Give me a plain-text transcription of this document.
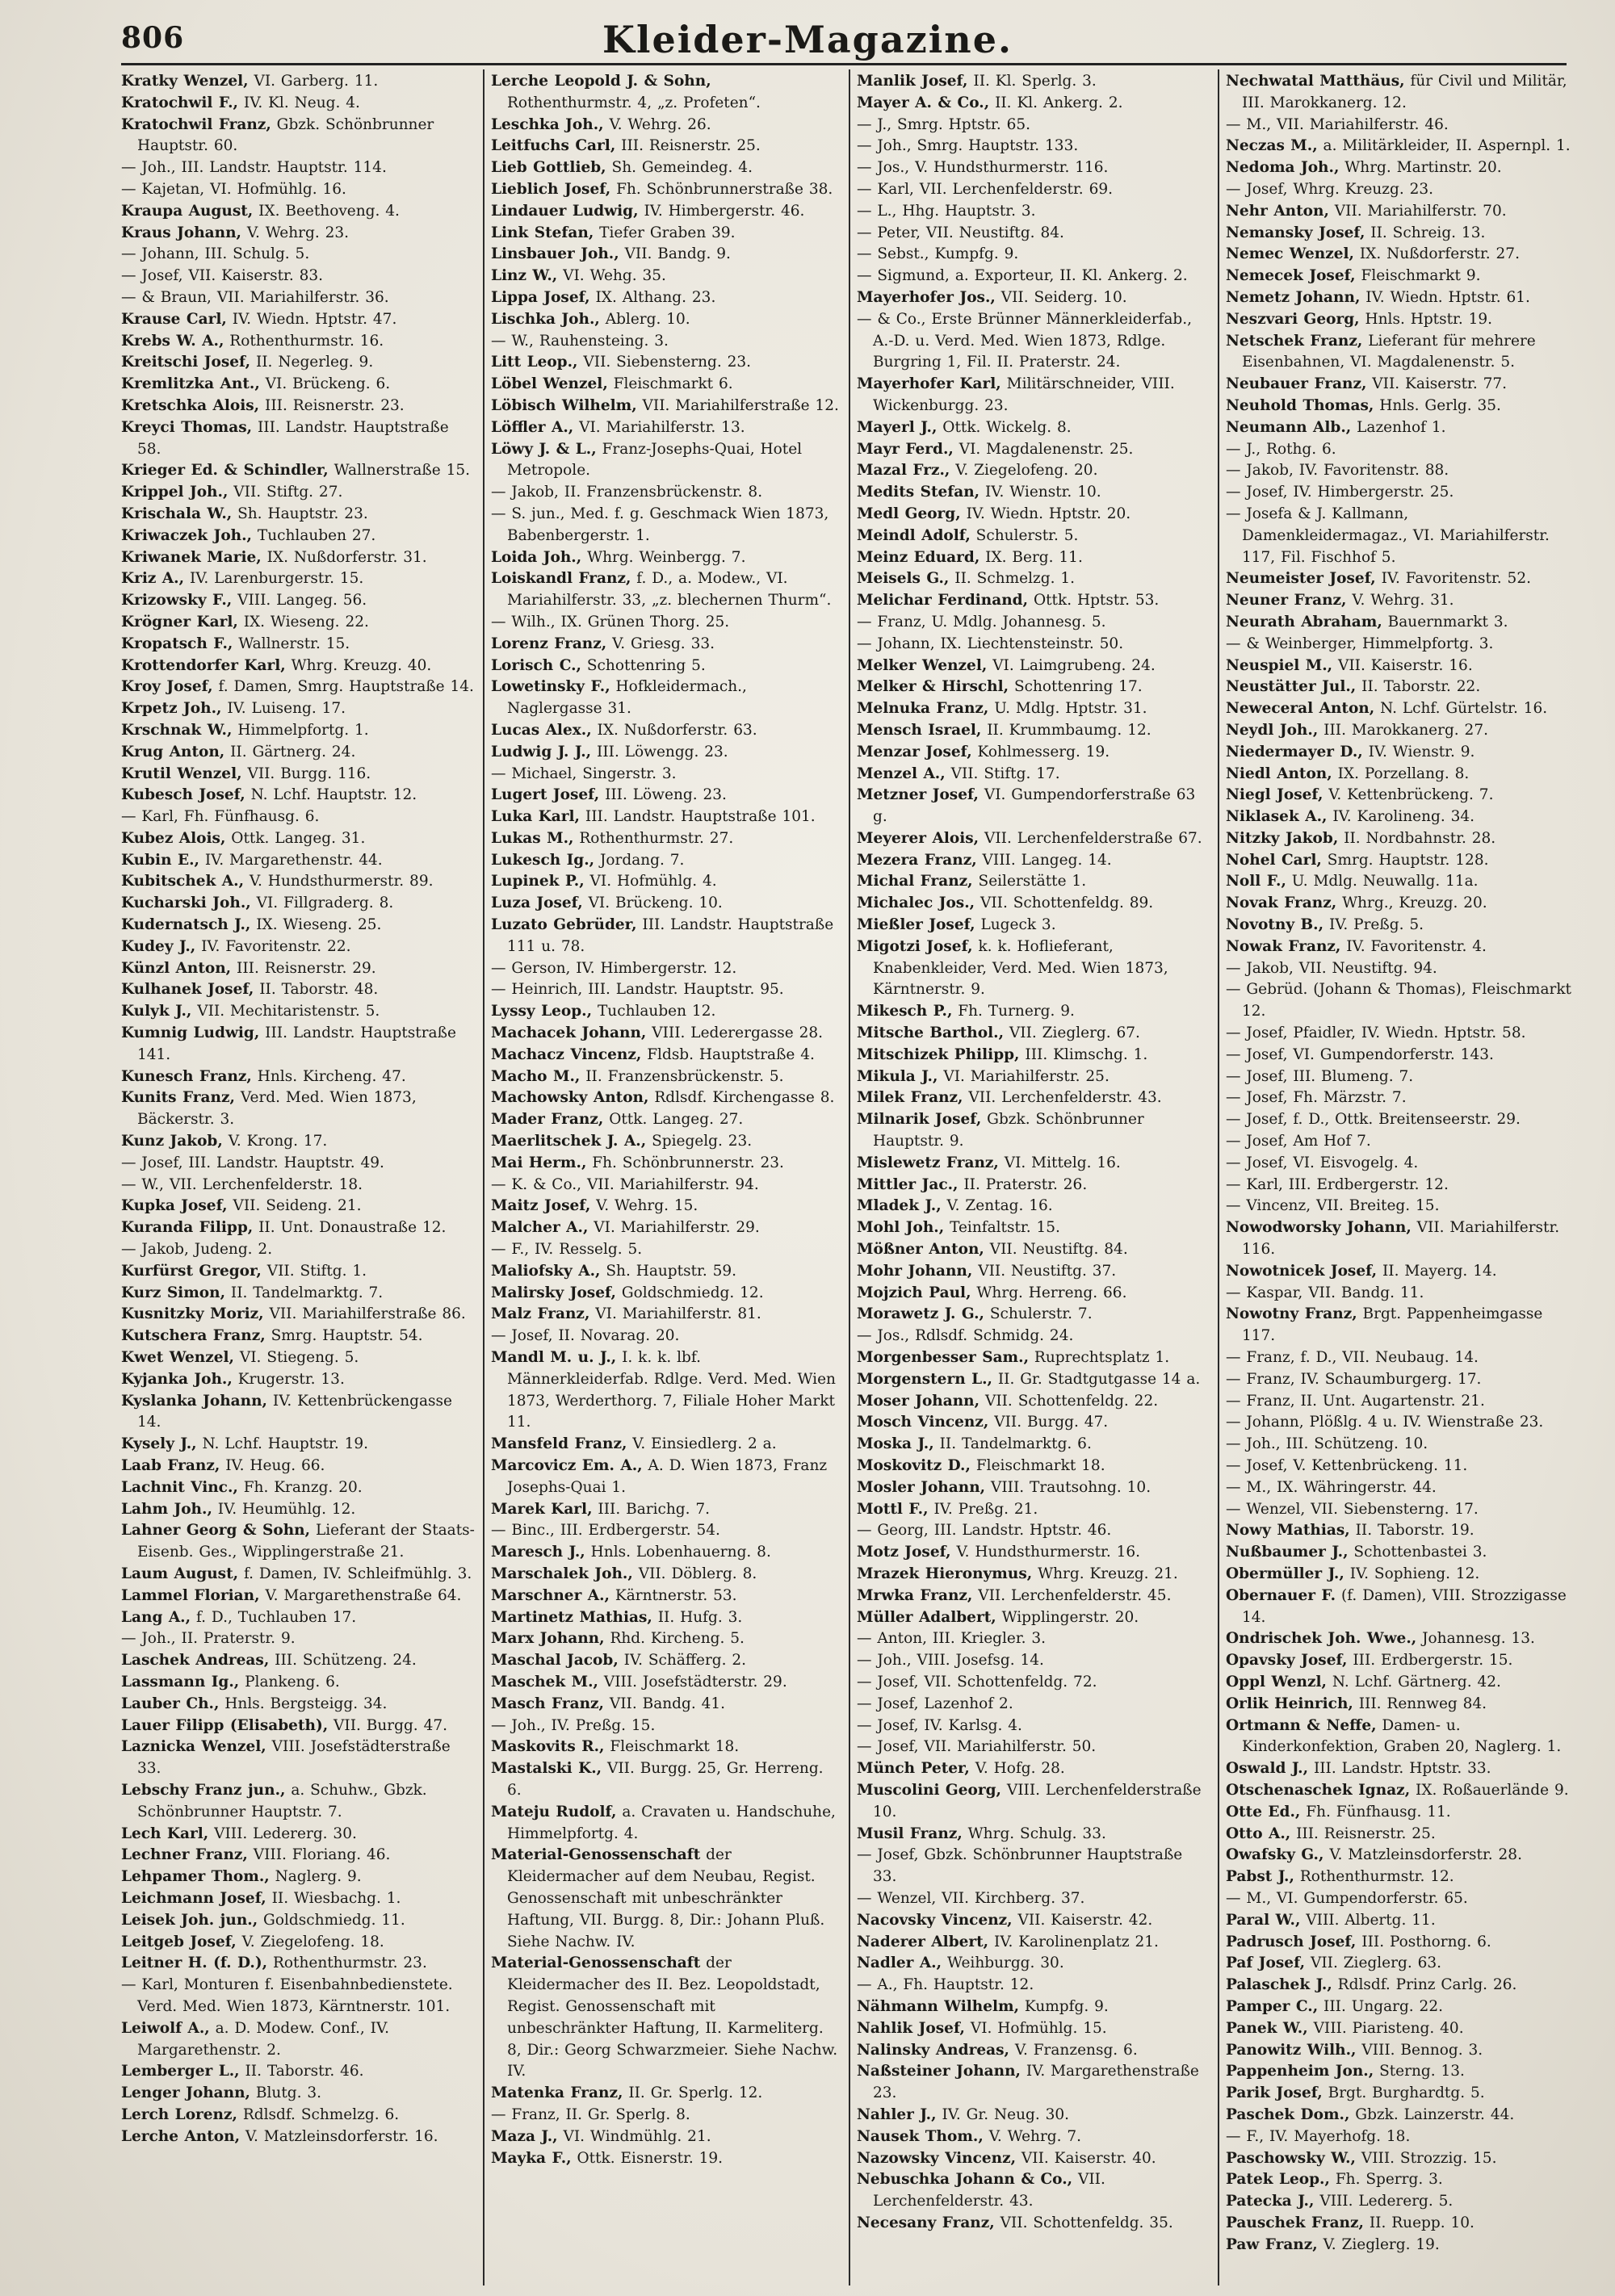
806	Kleider-Magazine.
Kratky Wenzel, VI. Garberg. 11.
Kratochwil F., IV. Kl. Neug. 4.
Kratochwil Franz, Gbzk. Schönbrunner Hauptstr. 60.
— Joh., III. Landstr. Hauptstr. 114.
— Kajetan, VI. Hofmühlg. 16.
Kraupa August, IX. Beethoveng. 4.
Kraus Johann, V. Wehrg. 23.
— Johann, III. Schulg. 5.
— Josef, VII. Kaiserstr. 83.
— & Braun, VII. Mariahilferstr. 36.
Krause Carl, IV. Wiedn. Hptstr. 47.
Krebs W. A., Rothenthurmstr. 16.
Kreitschi Josef, II. Negerleg. 9.
Kremlitzka Ant., VI. Brückeng. 6.
Kretschka Alois, III. Reisnerstr. 23.
Kreyci Thomas, III. Landstr. Hauptstraße 58.
Krieger Ed. & Schindler, Wallnerstraße 15.
Krippel Joh., VII. Stiftg. 27.
Krischala W., Sh. Hauptstr. 23.
Kriwaczek Joh., Tuchlauben 27.
Kriwanek Marie, IX. Nußdorferstr. 31.
Kriz A., IV. Larenburgerstr. 15.
Krizowsky F., VIII. Langeg. 56.
Krögner Karl, IX. Wieseng. 22.
Kropatsch F., Wallnerstr. 15.
Krottendorfer Karl, Whrg. Kreuzg. 40.
Kroy Josef, f. Damen, Smrg. Hauptstraße 14.
Krpetz Joh., IV. Luiseng. 17.
Krschnak W., Himmelpfortg. 1.
Krug Anton, II. Gärtnerg. 24.
Krutil Wenzel, VII. Burgg. 116.
Kubesch Josef, N. Lchf. Hauptstr. 12.
— Karl, Fh. Fünfhausg. 6.
Kubez Alois, Ottk. Langeg. 31.
Kubin E., IV. Margarethenstr. 44.
Kubitschek A., V. Hundsthurmerstr. 89.
Kucharski Joh., VI. Fillgraderg. 8.
Kudernatsch J., IX. Wieseng. 25.
Kudey J., IV. Favoritenstr. 22.
Künzl Anton, III. Reisnerstr. 29.
Kulhanek Josef, II. Taborstr. 48.
Kulyk J., VII. Mechitaristenstr. 5.
Kumnig Ludwig, III. Landstr. Hauptstraße 141.
Kunesch Franz, Hnls. Kircheng. 47.
Kunits Franz, Verd. Med. Wien 1873, Bäckerstr. 3.
Kunz Jakob, V. Krong. 17.
— Josef, III. Landstr. Hauptstr. 49.
— W., VII. Lerchenfelderstr. 18.
Kupka Josef, VII. Seideng. 21.
Kuranda Filipp, II. Unt. Donaustraße 12.
— Jakob, Judeng. 2.
Kurfürst Gregor, VII. Stiftg. 1.
Kurz Simon, II. Tandelmarktg. 7.
Kusnitzky Moriz, VII. Mariahilferstraße 86.
Kutschera Franz, Smrg. Hauptstr. 54.
Kwet Wenzel, VI. Stiegeng. 5.
Kyjanka Joh., Krugerstr. 13.
Kyslanka Johann, IV. Kettenbrückengasse 14.
Kysely J., N. Lchf. Hauptstr. 19.
Laab Franz, IV. Heug. 66.
Lachnit Vinc., Fh. Kranzg. 20.
Lahm Joh., IV. Heumühlg. 12.
Lahner Georg & Sohn, Lieferant der Staats-Eisenb. Ges., Wipplingerstraße 21.
Laum August, f. Damen, IV. Schleifmühlg. 3.
Lammel Florian, V. Margarethenstraße 64.
Lang A., f. D., Tuchlauben 17.
— Joh., II. Praterstr. 9.
Laschek Andreas, III. Schützeng. 24.
Lassmann Ig., Plankeng. 6.
Lauber Ch., Hnls. Bergsteigg. 34.
Lauer Filipp (Elisabeth), VII. Burgg. 47.
Laznicka Wenzel, VIII. Josefstädterstraße 33.
Lebschy Franz jun., a. Schuhw., Gbzk. Schönbrunner Hauptstr. 7.
Lech Karl, VIII. Ledererg. 30.
Lechner Franz, VIII. Floriang. 46.
Lehpamer Thom., Naglerg. 9.
Leichmann Josef, II. Wiesbachg. 1.
Leisek Joh. jun., Goldschmiedg. 11.
Leitgeb Josef, V. Ziegelofeng. 18.
Leitner H. (f. D.), Rothenthurmstr. 23.
— Karl, Monturen f. Eisenbahnbedienstete. Verd. Med. Wien 1873, Kärntnerstr. 101.
Leiwolf A., a. D. Modew. Conf., IV. Margarethenstr. 2.
Lemberger L., II. Taborstr. 46.
Lenger Johann, Blutg. 3.
Lerch Lorenz, Rdlsdf. Schmelzg. 6.
Lerche Anton, V. Matzleinsdorferstr. 16.
Lerche Leopold J. & Sohn, Rothenthurmstr. 4, „z. Profeten“.
Leschka Joh., V. Wehrg. 26.
Leitfuchs Carl, III. Reisnerstr. 25.
Lieb Gottlieb, Sh. Gemeindeg. 4.
Lieblich Josef, Fh. Schönbrunnerstraße 38.
Lindauer Ludwig, IV. Himbergerstr. 46.
Link Stefan, Tiefer Graben 39.
Linsbauer Joh., VII. Bandg. 9.
Linz W., VI. Wehg. 35.
Lippa Josef, IX. Althang. 23.
Lischka Joh., Ablerg. 10.
— W., Rauhensteing. 3.
Litt Leop., VII. Siebensterng. 23.
Löbel Wenzel, Fleischmarkt 6.
Löbisch Wilhelm, VII. Mariahilferstraße 12.
Löffler A., VI. Mariahilferstr. 13.
Löwy J. & L., Franz-Josephs-Quai, Hotel Metropole.
— Jakob, II. Franzensbrückenstr. 8.
— S. jun., Med. f. g. Geschmack Wien 1873, Babenbergerstr. 1.
Loida Joh., Whrg. Weinbergg. 7.
Loiskandl Franz, f. D., a. Modew., VI. Mariahilferstr. 33, „z. blechernen Thurm“.
— Wilh., IX. Grünen Thorg. 25.
Lorenz Franz, V. Griesg. 33.
Lorisch C., Schottenring 5.
Lowetinsky F., Hofkleidermach., Naglergasse 31.
Lucas Alex., IX. Nußdorferstr. 63.
Ludwig J. J., III. Löwengg. 23.
— Michael, Singerstr. 3.
Lugert Josef, III. Löweng. 23.
Luka Karl, III. Landstr. Hauptstraße 101.
Lukas M., Rothenthurmstr. 27.
Lukesch Ig., Jordang. 7.
Lupinek P., VI. Hofmühlg. 4.
Luza Josef, VI. Brückeng. 10.
Luzato Gebrüder, III. Landstr. Hauptstraße 111 u. 78.
— Gerson, IV. Himbergerstr. 12.
— Heinrich, III. Landstr. Hauptstr. 95.
Lyssy Leop., Tuchlauben 12.
Machacek Johann, VIII. Lederergasse 28.
Machacz Vincenz, Fldsb. Hauptstraße 4.
Macho M., II. Franzensbrückenstr. 5.
Machowsky Anton, Rdlsdf. Kirchengasse 8.
Mader Franz, Ottk. Langeg. 27.
Maerlitschek J. A., Spiegelg. 23.
Mai Herm., Fh. Schönbrunnerstr. 23.
— K. & Co., VII. Mariahilferstr. 94.
Maitz Josef, V. Wehrg. 15.
Malcher A., VI. Mariahilferstr. 29.
— F., IV. Resselg. 5.
Maliofsky A., Sh. Hauptstr. 59.
Malirsky Josef, Goldschmiedg. 12.
Malz Franz, VI. Mariahilferstr. 81.
— Josef, II. Novarag. 20.
Mandl M. u. J., I. k. k. lbf. Männerkleiderfab. Rdlge. Verd. Med. Wien 1873, Werderthorg. 7, Filiale Hoher Markt 11.
Mansfeld Franz, V. Einsiedlerg. 2 a.
Marcovicz Em. A., A. D. Wien 1873, Franz Josephs-Quai 1.
Marek Karl, III. Barichg. 7.
— Binc., III. Erdbergerstr. 54.
Maresch J., Hnls. Lobenhauerng. 8.
Marschalek Joh., VII. Döblerg. 8.
Marschner A., Kärntnerstr. 53.
Martinetz Mathias, II. Hufg. 3.
Marx Johann, Rhd. Kircheng. 5.
Maschal Jacob, IV. Schäfferg. 2.
Maschek M., VIII. Josefstädterstr. 29.
Masch Franz, VII. Bandg. 41.
— Joh., IV. Preßg. 15.
Maskovits R., Fleischmarkt 18.
Mastalski K., VII. Burgg. 25, Gr. Herreng. 6.
Mateju Rudolf, a. Cravaten u. Handschuhe, Himmelpfortg. 4.
Material-Genossenschaft der Kleidermacher auf dem Neubau, Regist. Genossenschaft mit unbeschränkter Haftung, VII. Burgg. 8, Dir.: Johann Pluß. Siehe Nachw. IV.
Material-Genossenschaft der Kleidermacher des II. Bez. Leopoldstadt, Regist. Genossenschaft mit unbeschränkter Haftung, II. Karmeliterg. 8, Dir.: Georg Schwarzmeier. Siehe Nachw. IV.
Matenka Franz, II. Gr. Sperlg. 12.
— Franz, II. Gr. Sperlg. 8.
Maza J., VI. Windmühlg. 21.
Mayka F., Ottk. Eisnerstr. 19.
Manlik Josef, II. Kl. Sperlg. 3.
Mayer A. & Co., II. Kl. Ankerg. 2.
— J., Smrg. Hptstr. 65.
— Joh., Smrg. Hauptstr. 133.
— Jos., V. Hundsthurmerstr. 116.
— Karl, VII. Lerchenfelderstr. 69.
— L., Hhg. Hauptstr. 3.
— Peter, VII. Neustiftg. 84.
— Sebst., Kumpfg. 9.
— Sigmund, a. Exporteur, II. Kl. Ankerg. 2.
Mayerhofer Jos., VII. Seiderg. 10.
— & Co., Erste Brünner Männerkleiderfab., A.-D. u. Verd. Med. Wien 1873, Rdlge. Burgring 1, Fil. II. Praterstr. 24.
Mayerhofer Karl, Militärschneider, VIII. Wickenburgg. 23.
Mayerl J., Ottk. Wickelg. 8.
Mayr Ferd., VI. Magdalenenstr. 25.
Mazal Frz., V. Ziegelofeng. 20.
Medits Stefan, IV. Wienstr. 10.
Medl Georg, IV. Wiedn. Hptstr. 20.
Meindl Adolf, Schulerstr. 5.
Meinz Eduard, IX. Berg. 11.
Meisels G., II. Schmelzg. 1.
Melichar Ferdinand, Ottk. Hptstr. 53.
— Franz, U. Mdlg. Johannesg. 5.
— Johann, IX. Liechtensteinstr. 50.
Melker Wenzel, VI. Laimgrubeng. 24.
Melker & Hirschl, Schottenring 17.
Melnuka Franz, U. Mdlg. Hptstr. 31.
Mensch Israel, II. Krummbaumg. 12.
Menzar Josef, Kohlmesserg. 19.
Menzel A., VII. Stiftg. 17.
Metzner Josef, VI. Gumpendorferstraße 63 g.
Meyerer Alois, VII. Lerchenfelderstraße 67.
Mezera Franz, VIII. Langeg. 14.
Michal Franz, Seilerstätte 1.
Michalec Jos., VII. Schottenfeldg. 89.
Mießler Josef, Lugeck 3.
Migotzi Josef, k. k. Hoflieferant, Knabenkleider, Verd. Med. Wien 1873, Kärntnerstr. 9.
Mikesch P., Fh. Turnerg. 9.
Mitsche Barthol., VII. Zieglerg. 67.
Mitschizek Philipp, III. Klimschg. 1.
Mikula J., VI. Mariahilferstr. 25.
Milek Franz, VII. Lerchenfelderstr. 43.
Milnarik Josef, Gbzk. Schönbrunner Hauptstr. 9.
Mislewetz Franz, VI. Mittelg. 16.
Mittler Jac., II. Praterstr. 26.
Mladek J., V. Zentag. 16.
Mohl Joh., Teinfaltstr. 15.
Mößner Anton, VII. Neustiftg. 84.
Mohr Johann, VII. Neustiftg. 37.
Mojzich Paul, Whrg. Herreng. 66.
Morawetz J. G., Schulerstr. 7.
— Jos., Rdlsdf. Schmidg. 24.
Morgenbesser Sam., Ruprechtsplatz 1.
Morgenstern L., II. Gr. Stadtgutgasse 14 a.
Moser Johann, VII. Schottenfeldg. 22.
Mosch Vincenz, VII. Burgg. 47.
Moska J., II. Tandelmarktg. 6.
Moskovitz D., Fleischmarkt 18.
Mosler Johann, VIII. Trautsohng. 10.
Mottl F., IV. Preßg. 21.
— Georg, III. Landstr. Hptstr. 46.
Motz Josef, V. Hundsthurmerstr. 16.
Mrazek Hieronymus, Whrg. Kreuzg. 21.
Mrwka Franz, VII. Lerchenfelderstr. 45.
Müller Adalbert, Wipplingerstr. 20.
— Anton, III. Kriegler. 3.
— Joh., VIII. Josefsg. 14.
— Josef, VII. Schottenfeldg. 72.
— Josef, Lazenhof 2.
— Josef, IV. Karlsg. 4.
— Josef, VII. Mariahilferstr. 50.
Münch Peter, V. Hofg. 28.
Muscolini Georg, VIII. Lerchenfelderstraße 10.
Musil Franz, Whrg. Schulg. 33.
— Josef, Gbzk. Schönbrunner Hauptstraße 33.
— Wenzel, VII. Kirchberg. 37.
Nacovsky Vincenz, VII. Kaiserstr. 42.
Naderer Albert, IV. Karolinenplatz 21.
Nadler A., Weihburgg. 30.
— A., Fh. Hauptstr. 12.
Nähmann Wilhelm, Kumpfg. 9.
Nahlik Josef, VI. Hofmühlg. 15.
Nalinsky Andreas, V. Franzensg. 6.
Naßsteiner Johann, IV. Margarethenstraße 23.
Nahler J., IV. Gr. Neug. 30.
Nausek Thom., V. Wehrg. 7.
Nazowsky Vincenz, VII. Kaiserstr. 40.
Nebuschka Johann & Co., VII. Lerchenfelderstr. 43.
Necesany Franz, VII. Schottenfeldg. 35.
Nechwatal Matthäus, für Civil und Militär, III. Marokkanerg. 12.
— M., VII. Mariahilferstr. 46.
Neczas M., a. Militärkleider, II. Aspernpl. 1.
Nedoma Joh., Whrg. Martinstr. 20.
— Josef, Whrg. Kreuzg. 23.
Nehr Anton, VII. Mariahilferstr. 70.
Nemansky Josef, II. Schreig. 13.
Nemec Wenzel, IX. Nußdorferstr. 27.
Nemecek Josef, Fleischmarkt 9.
Nemetz Johann, IV. Wiedn. Hptstr. 61.
Neszvari Georg, Hnls. Hptstr. 19.
Netschek Franz, Lieferant für mehrere Eisenbahnen, VI. Magdalenenstr. 5.
Neubauer Franz, VII. Kaiserstr. 77.
Neuhold Thomas, Hnls. Gerlg. 35.
Neumann Alb., Lazenhof 1.
— J., Rothg. 6.
— Jakob, IV. Favoritenstr. 88.
— Josef, IV. Himbergerstr. 25.
— Josefa & J. Kallmann, Damenkleidermagaz., VI. Mariahilferstr. 117, Fil. Fischhof 5.
Neumeister Josef, IV. Favoritenstr. 52.
Neuner Franz, V. Wehrg. 31.
Neurath Abraham, Bauernmarkt 3.
— & Weinberger, Himmelpfortg. 3.
Neuspiel M., VII. Kaiserstr. 16.
Neustätter Jul., II. Taborstr. 22.
Neweceral Anton, N. Lchf. Gürtelstr. 16.
Neydl Joh., III. Marokkanerg. 27.
Niedermayer D., IV. Wienstr. 9.
Niedl Anton, IX. Porzellang. 8.
Niegl Josef, V. Kettenbrückeng. 7.
Niklasek A., IV. Karolineng. 34.
Nitzky Jakob, II. Nordbahnstr. 28.
Nohel Carl, Smrg. Hauptstr. 128.
Noll F., U. Mdlg. Neuwallg. 11a.
Novak Franz, Whrg., Kreuzg. 20.
Novotny B., IV. Preßg. 5.
Nowak Franz, IV. Favoritenstr. 4.
— Jakob, VII. Neustiftg. 94.
— Gebrüd. (Johann & Thomas), Fleischmarkt 12.
— Josef, Pfaidler, IV. Wiedn. Hptstr. 58.
— Josef, VI. Gumpendorferstr. 143.
— Josef, III. Blumeng. 7.
— Josef, Fh. Märzstr. 7.
— Josef, f. D., Ottk. Breitenseerstr. 29.
— Josef, Am Hof 7.
— Josef, VI. Eisvogelg. 4.
— Karl, III. Erdbergerstr. 12.
— Vincenz, VII. Breiteg. 15.
Nowodworsky Johann, VII. Mariahilferstr. 116.
Nowotnicek Josef, II. Mayerg. 14.
— Kaspar, VII. Bandg. 11.
Nowotny Franz, Brgt. Pappenheimgasse 117.
— Franz, f. D., VII. Neubaug. 14.
— Franz, IV. Schaumburgerg. 17.
— Franz, II. Unt. Augartenstr. 21.
— Johann, Plößlg. 4 u. IV. Wienstraße 23.
— Joh., III. Schützeng. 10.
— Josef, V. Kettenbrückeng. 11.
— M., IX. Währingerstr. 44.
— Wenzel, VII. Siebensterng. 17.
Nowy Mathias, II. Taborstr. 19.
Nußbaumer J., Schottenbastei 3.
Obermüller J., IV. Sophieng. 12.
Obernauer F. (f. Damen), VIII. Strozzigasse 14.
Ondrischek Joh. Wwe., Johannesg. 13.
Opavsky Josef, III. Erdbergerstr. 15.
Oppl Wenzl, N. Lchf. Gärtnerg. 42.
Orlik Heinrich, III. Rennweg 84.
Ortmann & Neffe, Damen- u. Kinderkonfektion, Graben 20, Naglerg. 1.
Oswald J., III. Landstr. Hptstr. 33.
Otschenaschek Ignaz, IX. Roßauerlände 9.
Otte Ed., Fh. Fünfhausg. 11.
Otto A., III. Reisnerstr. 25.
Owafsky G., V. Matzleinsdorferstr. 28.
Pabst J., Rothenthurmstr. 12.
— M., VI. Gumpendorferstr. 65.
Paral W., VIII. Albertg. 11.
Padrusch Josef, III. Posthorng. 6.
Paf Josef, VII. Zieglerg. 63.
Palaschek J., Rdlsdf. Prinz Carlg. 26.
Pamper C., III. Ungarg. 22.
Panek W., VIII. Piaristeng. 40.
Panowitz Wilh., VIII. Bennog. 3.
Pappenheim Jon., Sterng. 13.
Parik Josef, Brgt. Burghardtg. 5.
Paschek Dom., Gbzk. Lainzerstr. 44.
— F., IV. Mayerhofg. 18.
Paschowsky W., VIII. Strozzig. 15.
Patek Leop., Fh. Sperrg. 3.
Patecka J., VIII. Ledererg. 5.
Pauschek Franz, II. Ruepp. 10.
Paw Franz, V. Zieglerg. 19.
